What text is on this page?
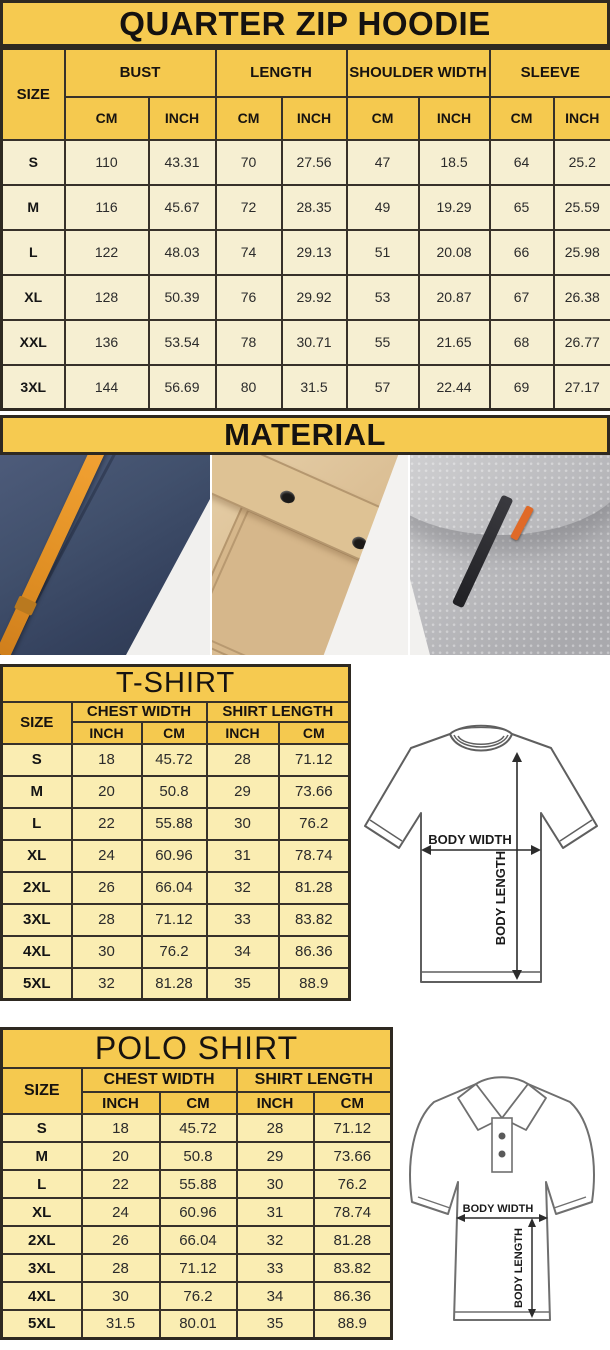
QUARTER ZIP HOODIE
SIZE	BUST		LENGTH		SHOULDER WIDTH		SLEEVE	
	CM	INCH	CM	INCH	CM	INCH	CM	INCH
S	110	43.31	70	27.56	47	18.5	64	25.2
M	116	45.67	72	28.35	49	19.29	65	25.59
L	122	48.03	74	29.13	51	20.08	66	25.98
XL	128	50.39	76	29.92	53	20.87	67	26.38
XXL	136	53.54	78	30.71	55	21.65	68	26.77
3XL	144	56.69	80	31.5	57	22.44	69	27.17
MATERIAL
T-SHIRT				
SIZE	CHEST WIDTH		SHIRT LENGTH	
	INCH	CM	INCH	CM
S	18	45.72	28	71.12
M	20	50.8	29	73.66
L	22	55.88	30	76.2
XL	24	60.96	31	78.74
2XL	26	66.04	32	81.28
3XL	28	71.12	33	83.82
4XL	30	76.2	34	86.36
5XL	32	81.28	35	88.9
BODY WIDTH
BODY LENGTH
POLO SHIRT				
SIZE	CHEST WIDTH		SHIRT LENGTH	
	INCH	CM	INCH	CM
S	18	45.72	28	71.12
M	20	50.8	29	73.66
L	22	55.88	30	76.2
XL	24	60.96	31	78.74
2XL	26	66.04	32	81.28
3XL	28	71.12	33	83.82
4XL	30	76.2	34	86.36
5XL	31.5	80.01	35	88.9
BODY WIDTH
BODY LENGTH
